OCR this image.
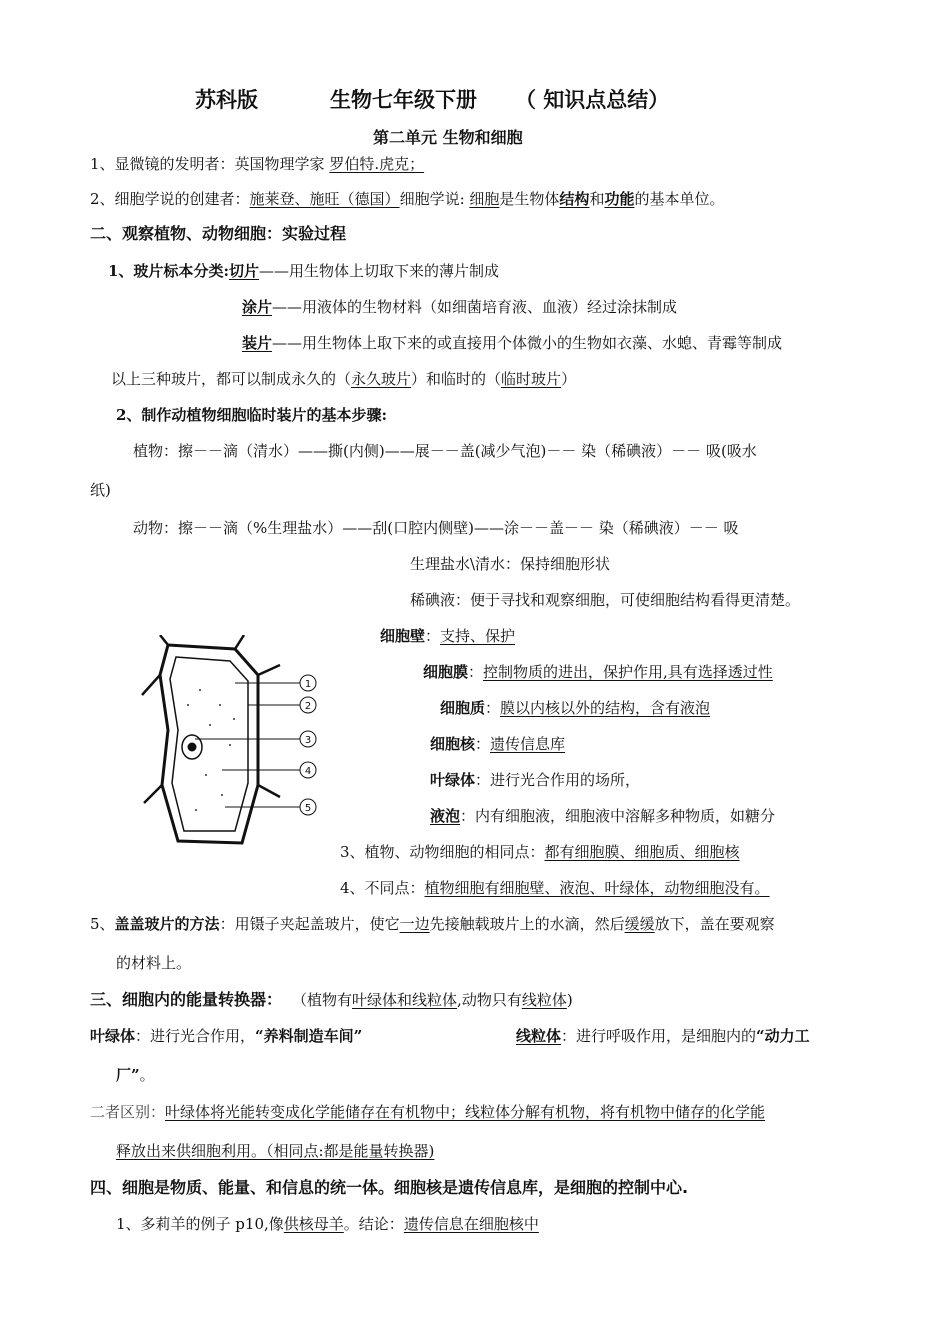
苏科版	生物七年级下册 （ 知识点总结）
第二单元 生物和细胞
1、显微镜的发明者：英国物理学家 罗伯特.虎克；
2、细胞学说的创建者：施莱登、施旺（德国）细胞学说: 细胞是生物体结构和功能的基本单位。
二、观察植物、动物细胞：实验过程
1、玻片标本分类:切片——用生物体上切取下来的薄片制成
涂片——用液体的生物材料（如细菌培育液、血液）经过涂抹制成
装片——用生物体上取下来的或直接用个体微小的生物如衣藻、水螅、青霉等制成
以上三种玻片，都可以制成永久的（永久玻片）和临时的（临时玻片）
2、制作动植物细胞临时装片的基本步骤:
植物：擦－－滴（清水）——撕(内侧)——展－－盖(减少气泡)－－ 染（稀碘液）－－ 吸(吸水
纸)
动物：擦－－滴（%生理盐水）——刮(口腔内侧壁)——涂－－盖－－ 染（稀碘液）－－ 吸
生理盐水\清水：保持细胞形状
稀碘液：便于寻找和观察细胞，可使细胞结构看得更清楚。
细胞壁：支持、保护
细胞膜：控制物质的进出，保护作用,具有选择透过性
细胞质：膜以内核以外的结构，含有液泡
细胞核：遗传信息库
叶绿体：进行光合作用的场所，
液泡：内有细胞液，细胞液中溶解多种物质，如糖分
1
2
3
4
5
3、植物、动物细胞的相同点：都有细胞膜、细胞质、细胞核
4、不同点：植物细胞有细胞壁、液泡、叶绿体，动物细胞没有。
5、盖盖玻片的方法：用镊子夹起盖玻片，使它一边先接触载玻片上的水滴，然后缓缓放下，盖在要观察
的材料上。
三、细胞内的能量转换器： （植物有叶绿体和线粒体,动物只有线粒体)
叶绿体：进行光合作用，“养料制造车间”	线粒体：进行呼吸作用，是细胞内的“动力工
厂”。
二者区别：叶绿体将光能转变成化学能储存在有机物中；线粒体分解有机物，将有机物中储存的化学能
释放出来供细胞利用。（相同点:都是能量转换器)
四、细胞是物质、能量、和信息的统一体。细胞核是遗传信息库，是细胞的控制中心.
1、多莉羊的例子 p10,像供核母羊。结论：遗传信息在细胞核中
